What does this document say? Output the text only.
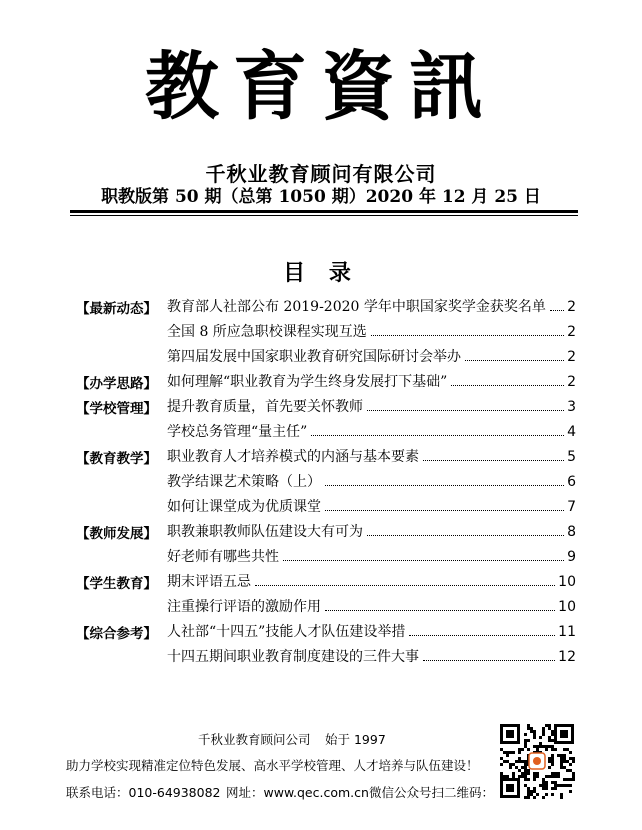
教育資訊
千秋业教育顾问有限公司
职教版第 50 期（总第 1050 期）2020 年 12 月 25 日
目 录
【最新动态】 教育部人社部公布 2019-2020 学年中职国家奖学金获奖名单 2
全国 8 所应急职校课程实现互选	2
第四届发展中国家职业教育研究国际研讨会举办	2
【办学思路】 如何理解“职业教育为学生终身发展打下基础”	2
【学校管理】 提升教育质量，首先要关怀教师	3
学校总务管理“量主任”	4
【教育教学】 职业教育人才培养模式的内涵与基本要素	5
教学结课艺术策略（上）	6
如何让课堂成为优质课堂	7
【教师发展】 职教兼职教师队伍建设大有可为	8
好老师有哪些共性	9
【学生教育】 期末评语五忌	10
注重操行评语的激励作用	10
【综合参考】 人社部“十四五”技能人才队伍建设举措	11
十四五期间职业教育制度建设的三件大事	12
千秋业教育顾问公司 始于 1997
助力学校实现精准定位特色发展、高水平学校管理、人才培养与队伍建设！
联系电话：010-64938082 网址：www.qec.com.cn 微信公众号扫二维码：
